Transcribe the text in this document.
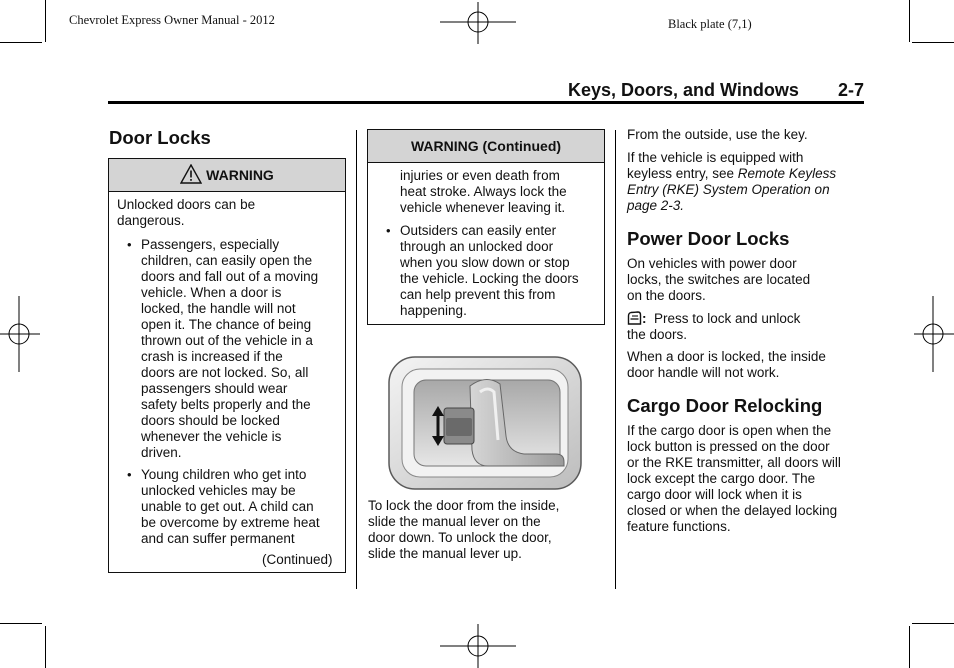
Chevrolet Express Owner Manual - 2012	Black plate (7,1)
Keys, Doors, and Windows 2-7
Door Locks
WARNING
Unlocked doors can be
dangerous.
• Passengers, especially
children, can easily open the
doors and fall out of a moving
vehicle. When a door is
locked, the handle will not
open it. The chance of being
thrown out of the vehicle in a
crash is increased if the
doors are not locked. So, all
passengers should wear
safety belts properly and the
doors should be locked
whenever the vehicle is
driven.
• Young children who get into
unlocked vehicles may be
unable to get out. A child can
be overcome by extreme heat
and can suffer permanent
(Continued)
WARNING (Continued)
injuries or even death from
heat stroke. Always lock the
vehicle whenever leaving it.
• Outsiders can easily enter
through an unlocked door
when you slow down or stop
the vehicle. Locking the doors
can help prevent this from
happening.
To lock the door from the inside,
slide the manual lever on the
door down. To unlock the door,
slide the manual lever up.
From the outside, use the key.
If the vehicle is equipped with
keyless entry, see Remote Keyless
Entry (RKE) System Operation on
page 2-3.
Power Door Locks
On vehicles with power door
locks, the switches are located
on the doors.
: Press to lock and unlock
the doors.
When a door is locked, the inside
door handle will not work.
Cargo Door Relocking
If the cargo door is open when the
lock button is pressed on the door
or the RKE transmitter, all doors will
lock except the cargo door. The
cargo door will lock when it is
closed or when the delayed locking
feature functions.
